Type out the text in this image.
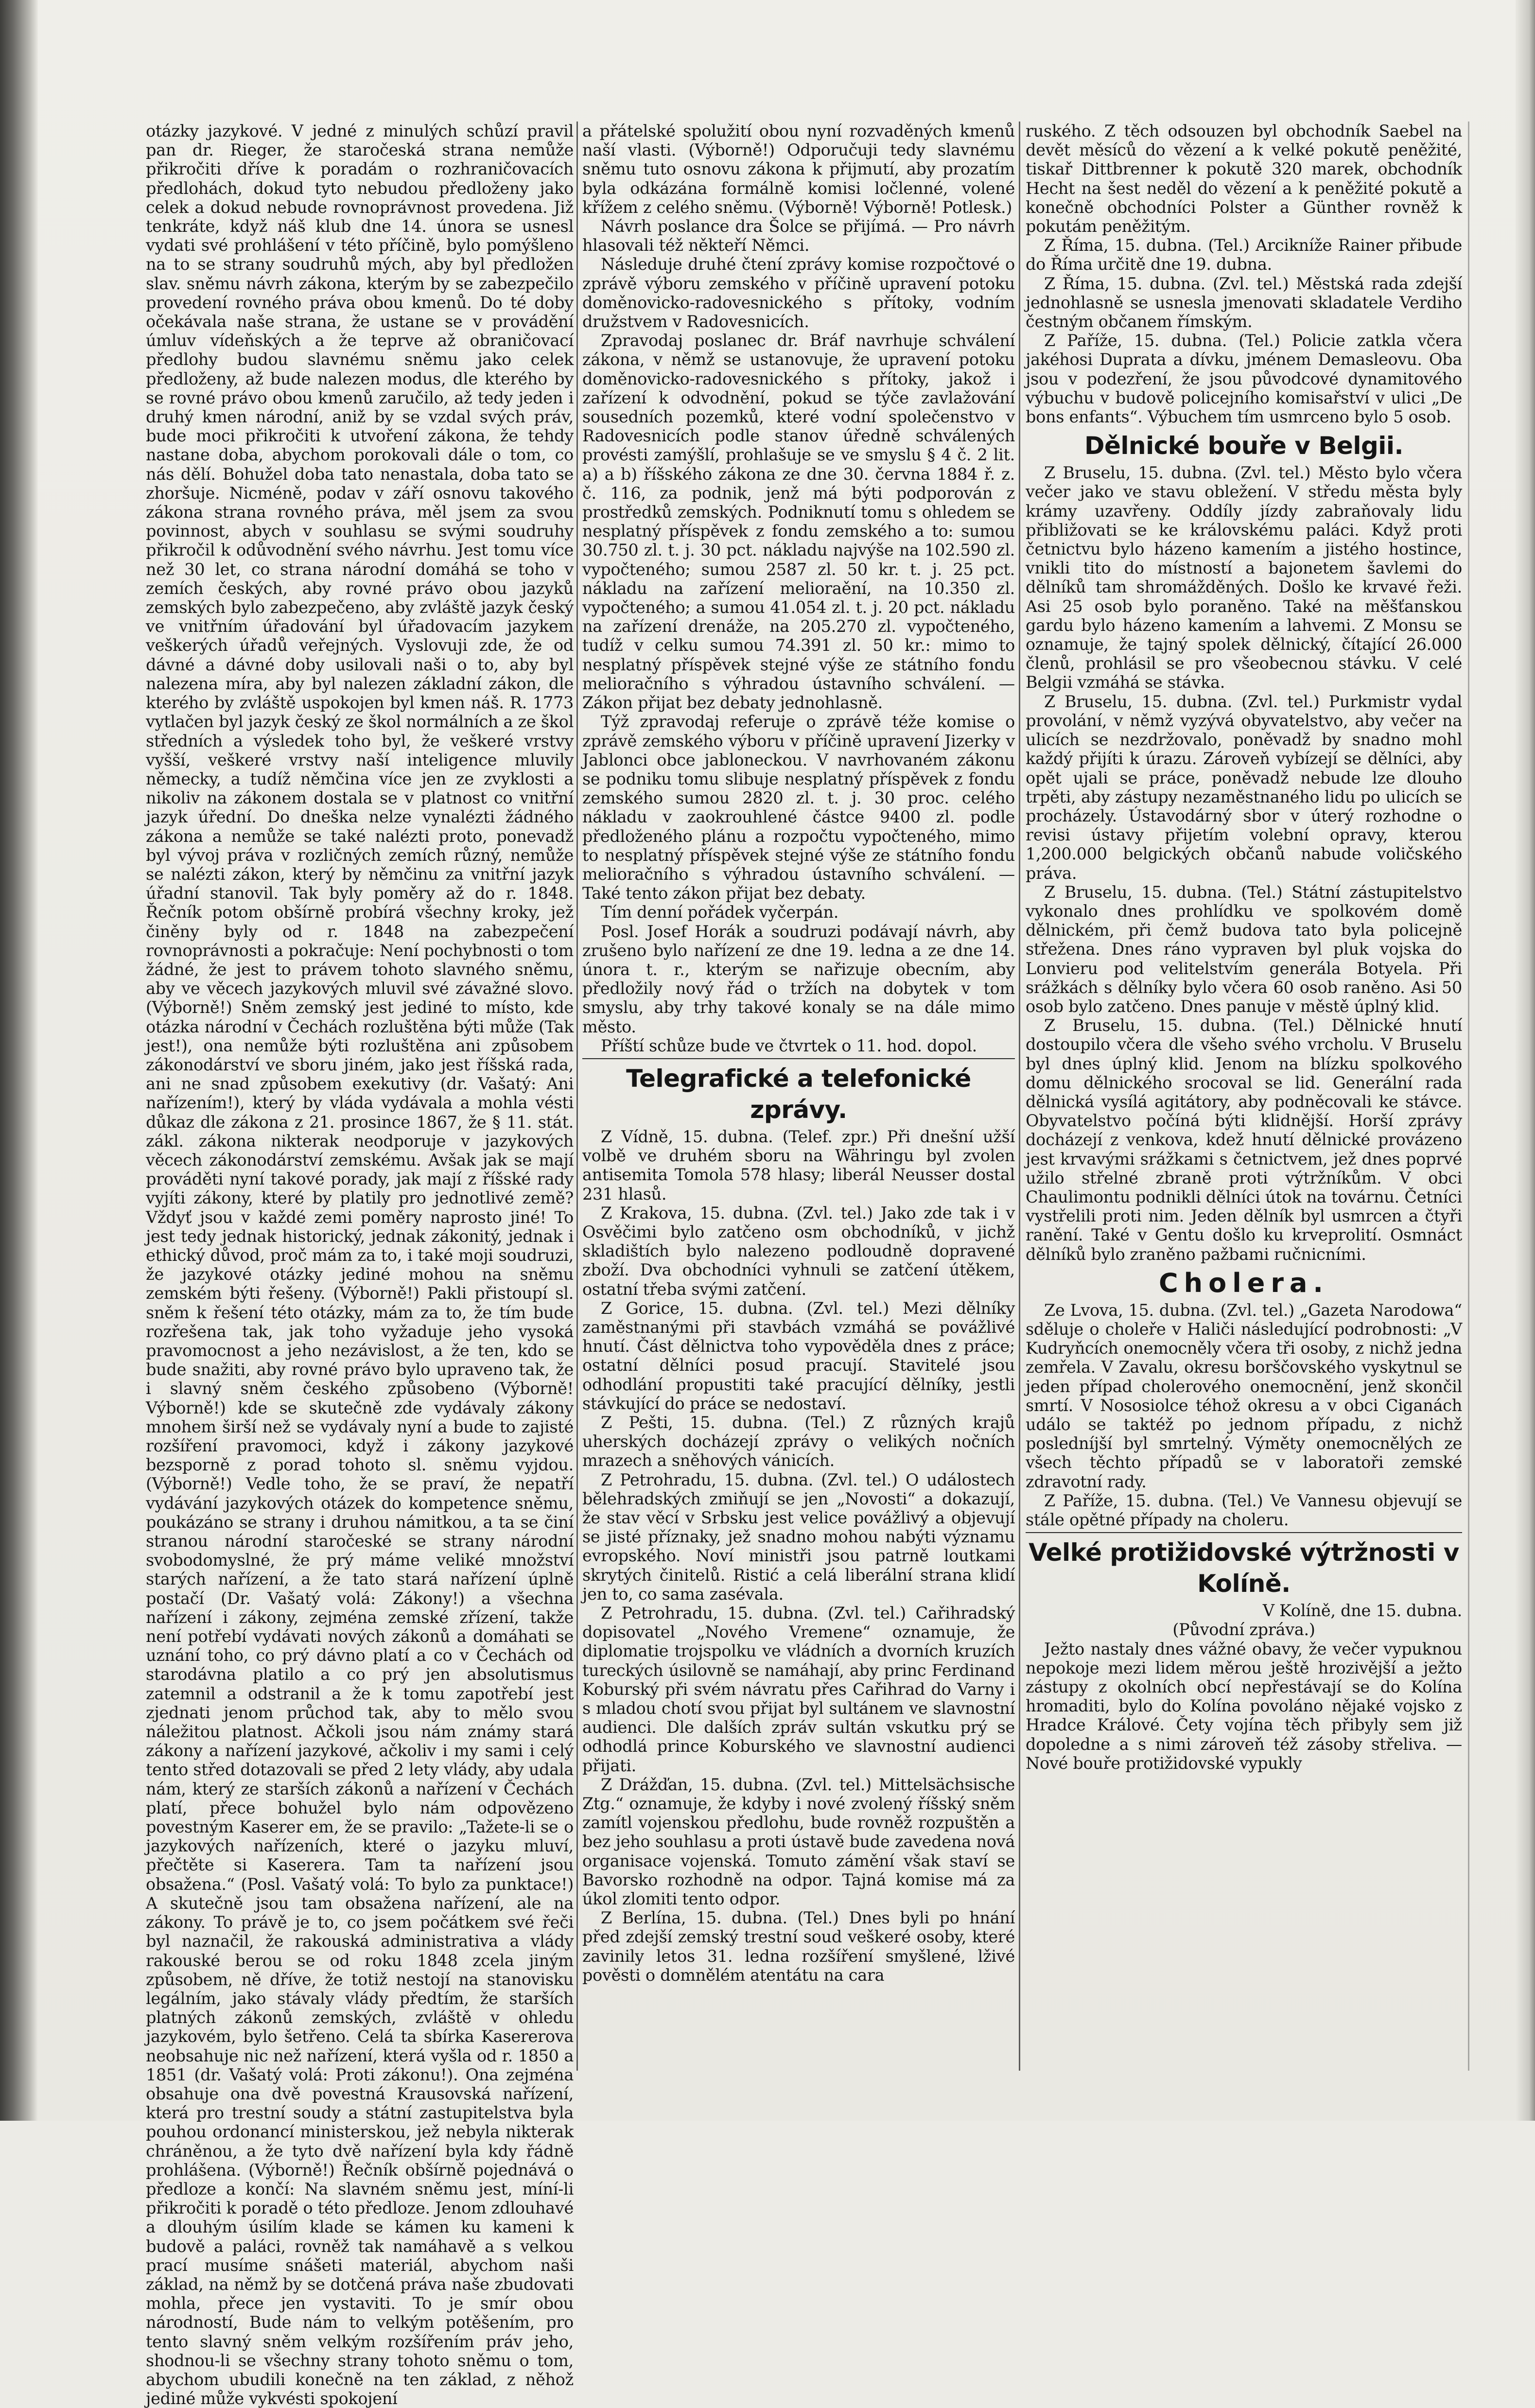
otázky jazykové. V jedné z minulých schůzí pravil pan dr. Rieger, že staročeská strana nemůže přikročiti dříve k poradám o rozhraničovacích předlohách, dokud tyto nebudou předloženy jako celek a dokud nebude rovnoprávnost provedena. Již tenkráte, když náš klub dne 14. února se usnesl vydati své prohlášení v této příčině, bylo pomýšleno na to se strany soudruhů mých, aby byl předložen slav. sněmu návrh zákona, kterým by se zabezpečilo provedení rovného práva obou kmenů. Do té doby očekávala naše strana, že ustane se v provádění úmluv vídeňských a že teprve až obraničovací předlohy budou slavnému sněmu jako celek předloženy, až bude nalezen modus, dle kterého by se rovné právo obou kmenů zaručilo, až tedy jeden i druhý kmen národní, aniž by se vzdal svých práv, bude moci přikročiti k utvoření zákona, že tehdy nastane doba, abychom porokovali dále o tom, co nás dělí. Bohužel doba tato nenastala, doba tato se zhoršuje. Nicméně, podav v září osnovu takového zákona strana rovného práva, měl jsem za svou povinnost, abych v souhlasu se svými soudruhy přikročil k odůvodnění svého návrhu. Jest tomu více než 30 let, co strana národní domáhá se toho v zemích českých, aby rovné právo obou jazyků zemských bylo zabezpečeno, aby zvláště jazyk český ve vnitřním úřadování byl úřadovacím jazykem veškerých úřadů veřejných. Vyslovuji zde, že od dávné a dávné doby usilovali naši o to, aby byl nalezena míra, aby byl nalezen základní zákon, dle kterého by zvláště uspokojen byl kmen náš. R. 1773 vytlačen byl jazyk český ze škol normálních a ze škol středních a výsledek toho byl, že veškeré vrstvy vyšší, veškeré vrstvy naší inteligence mluvily německy, a tudíž němčina více jen ze zvyklosti a nikoliv na zákonem dostala se v platnost co vnitřní jazyk úřední. Do dneška nelze vynalézti žádného zákona a nemůže se také nalézti proto, ponevadž byl vývoj práva v rozličných zemích různý, nemůže se nalézti zákon, který by němčinu za vnitřní jazyk úřadní stanovil. Tak byly poměry až do r. 1848. Řečník potom obšírně probírá všechny kroky, jež činěny byly od r. 1848 na zabezpečení rovnoprávnosti a pokračuje: Není pochybnosti o tom žádné, že jest to právem tohoto slavného sněmu, aby ve věcech jazykových mluvil své závažné slovo. (Výborně!) Sněm zemský jest jediné to místo, kde otázka národní v Čechách rozluštěna býti může (Tak jest!), ona nemůže býti rozluštěna ani způsobem zákonodárství ve sboru jiném, jako jest říšská rada, ani ne snad způsobem exekutivy (dr. Vašatý: Ani nařízením!), který by vláda vydávala a mohla vésti důkaz dle zákona z 21. prosince 1867, že § 11. stát. zákl. zákona nikterak neodporuje v jazykových věcech zákonodárství zemskému. Avšak jak se mají prováděti nyní takové porady, jak mají z říšské rady vyjíti zákony, které by platily pro jednotlivé země? Vždyť jsou v každé zemi poměry naprosto jiné! To jest tedy jednak historický, jednak zákonitý, jednak i ethický důvod, proč mám za to, i také moji soudruzi, že jazykové otázky jediné mohou na sněmu zemském býti řešeny. (Výborně!) Pakli přistoupí sl. sněm k řešení této otázky, mám za to, že tím bude rozřešena tak, jak toho vyžaduje jeho vysoká pravomocnost a jeho nezávislost, a že ten, kdo se bude snažiti, aby rovné právo bylo upraveno tak, že i slavný sněm českého způsobeno (Výborně! Výborně!) kde se skutečně zde vydávaly zákony mnohem širší než se vydávaly nyní a bude to zajisté rozšíření pravomoci, když i zákony jazykové bezsporně z porad tohoto sl. sněmu vyjdou. (Výborně!) Vedle toho, že se praví, že nepatří vydávání jazykových otázek do kompetence sněmu, poukázáno se strany i druhou námitkou, a ta se činí stranou národní staročeské se strany národní svobodomyslné, že prý máme veliké množství starých nařízení, a že tato stará nařízení úplně postačí (Dr. Vašatý volá: Zákony!) a všechna nařízení i zákony, zejména zemské zřízení, takže není potřebí vydávati nových zákonů a domáhati se uznání toho, co prý dávno platí a co v Čechách od starodávna platilo a co prý jen absolutismus zatemnil a odstranil a že k tomu zapotřebí jest zjednati jenom průchod tak, aby to mělo svou náležitou platnost. Ačkoli jsou nám známy stará zákony a nařízení jazykové, ačkoliv i my sami i celý tento střed dotazovali se před 2 lety vlády, aby udala nám, který ze starších zákonů a nařízení v Čechách platí, přece bohužel bylo nám odpovězeno povestným Kaserer em, že se pravilo: „Tažete-li se o jazykových nařízeních, které o jazyku mluví, přečtěte si Kaserera. Tam ta nařízení jsou obsažena.“ (Posl. Vašatý volá: To bylo za punktace!) A skutečně jsou tam obsažena nařízení, ale na zákony. To právě je to, co jsem počátkem své řeči byl naznačil, že rakouská administrativa a vlády rakouské berou se od roku 1848 zcela jiným způsobem, ně dříve, že totiž nestojí na stanovisku legálním, jako stávaly vlády předtím, že starších platných zákonů zemských, zvláště v ohledu jazykovém, bylo šetřeno. Celá ta sbírka Kasererova neobsahuje nic než nařízení, která vyšla od r. 1850 a 1851 (dr. Vašatý volá: Proti zákonu!). Ona zejména obsahuje ona dvě povestná Krausovská nařízení, která pro trestní soudy a státní zastupitelstva byla pouhou ordonancí ministerskou, jež nebyla nikterak chráněnou, a že tyto dvě nařízení byla kdy řádně prohlášena. (Výborně!) Řečník obšírně pojednává o předloze a končí: Na slavném sněmu jest, míní-li přikročiti k poradě o této předloze. Jenom zdlouhavé a dlouhým úsilím klade se kámen ku kameni k budově a paláci, rovněž tak namáhavě a s velkou prací musíme snášeti materiál, abychom naši základ, na němž by se dotčená práva naše zbudovati mohla, přece jen vystaviti. To je smír obou národností, Bude nám to velkým potěšením, pro tento slavný sněm velkým rozšířením práv jeho, shodnou-li se všechny strany tohoto sněmu o tom, abychom ubudili konečně na ten základ, z něhož jediné může vykvésti spokojení

a přátelské spolužití obou nyní rozvaděných kmenů naší vlasti. (Výborně!) Odporučuji tedy slavnému sněmu tuto osnovu zákona k přijmutí, aby prozatím byla odkázána formálně komisi ločlenné, volené křížem z celého sněmu. (Výborně! Výborně! Potlesk.)

Návrh poslance dra Šolce se přijímá. — Pro návrh hlasovali též někteří Němci.

Následuje druhé čtení zprávy komise rozpočtové o zprávě výboru zemského v příčině upravení potoku doměnovicko-radovesnického s přítoky, vodním družstvem v Radovesnicích.

Zpravodaj poslanec dr. Bráf navrhuje schválení zákona, v němž se ustanovuje, že upravení potoku doměnovicko-radovesnického s přítoky, jakož i zařízení k odvodnění, pokud se týče zavlažování sousedních pozemků, které vodní společenstvo v Radovesnicích podle stanov úředně schválených provésti zamýšlí, prohlašuje se ve smyslu § 4 č. 2 lit. a) a b) říšského zákona ze dne 30. června 1884 ř. z. č. 116, za podnik, jenž má býti podporován z prostředků zemských. Podniknutí tomu s ohledem se nesplatný příspěvek z fondu zemského a to: sumou 30.750 zl. t. j. 30 pct. nákladu najvýše na 102.590 zl. vypočteného; sumou 2587 zl. 50 kr. t. j. 25 pct. nákladu na zařízení melioraění, na 10.350 zl. vypočteného; a sumou 41.054 zl. t. j. 20 pct. nákladu na zařízení drenáže, na 205.270 zl. vypočteného, tudíž v celku sumou 74.391 zl. 50 kr.: mimo to nesplatný příspěvek stejné výše ze státního fondu melioračního s výhradou ústavního schválení. — Zákon přijat bez debaty jednohlasně.

Týž zpravodaj referuje o zprávě téže komise o zprávě zemského výboru v příčině upravení Jizerky v Jablonci obce jabloneckou. V navrhovaném zákonu se podniku tomu slibuje nesplatný příspěvek z fondu zemského sumou 2820 zl. t. j. 30 proc. celého nákladu v zaokrouhlené částce 9400 zl. podle předloženého plánu a rozpočtu vypočteného, mimo to nesplatný příspěvek stejné výše ze státního fondu melioračního s výhradou ústavního schválení. — Také tento zákon přijat bez debaty.

Tím denní pořádek vyčerpán.

Posl. Josef Horák a soudruzi podávají návrh, aby zrušeno bylo nařízení ze dne 19. ledna a ze dne 14. února t. r., kterým se nařizuje obecním, aby předložily nový řád o tržích na dobytek v tom smyslu, aby trhy takové konaly se na dále mimo město.

Příští schůze bude ve čtvrtek o 11. hod. dopol.

Telegrafické a telefonické zprávy.

Z Vídně, 15. dubna. (Telef. zpr.) Při dnešní užší volbě ve druhém sboru na Währingu byl zvolen antisemita Tomola 578 hlasy; liberál Neusser dostal 231 hlasů.

Z Krakova, 15. dubna. (Zvl. tel.) Jako zde tak i v Osvěčimi bylo zatčeno osm obchodníků, v jichž skladištích bylo nalezeno podloudně dopravené zboží. Dva obchodníci vyhnuli se zatčení útěkem, ostatní třeba svými zatčení.

Z Gorice, 15. dubna. (Zvl. tel.) Mezi dělníky zaměstnanými při stavbách vzmáhá se povážlivé hnutí. Část dělnictva toho vypověděla dnes z práce; ostatní dělníci posud pracují. Stavitelé jsou odhodlání propustiti také pracující dělníky, jestli stávkující do práce se nedostaví.

Z Pešti, 15. dubna. (Tel.) Z různých krajů uherských docházejí zprávy o velikých nočních mrazech a sněhových vánicích.

Z Petrohradu, 15. dubna. (Zvl. tel.) O událostech bělehradských zmiňují se jen „Novosti“ a dokazují, že stav věcí v Srbsku jest velice povážlivý a objevují se jisté příznaky, jež snadno mohou nabýti významu evropského. Noví ministři jsou patrně loutkami skrytých činitelů. Ristić a celá liberální strana klidí jen to, co sama zasévala.

Z Petrohradu, 15. dubna. (Zvl. tel.) Cařihradský dopisovatel „Nového Vremene“ oznamuje, že diplomatie trojspolku ve vládních a dvorních kruzích tureckých úsilovně se namáhají, aby princ Ferdinand Koburský při svém návratu přes Cařihrad do Varny i s mladou chotí svou přijat byl sultánem ve slavnostní audienci. Dle dalších zpráv sultán vskutku prý se odhodlá prince Koburského ve slavnostní audienci přijati.

Z Drážďan, 15. dubna. (Zvl. tel.) Mittelsächsische Ztg.“ oznamuje, že kdyby i nové zvolený říšský sněm zamítl vojenskou předlohu, bude rovněž rozpuštěn a bez jeho souhlasu a proti ústavě bude zavedena nová organisace vojenská. Tomuto zámění však staví se Bavorsko rozhodně na odpor. Tajná komise má za úkol zlomiti tento odpor.

Z Berlína, 15. dubna. (Tel.) Dnes byli po hnání před zdejší zemský trestní soud veškeré osoby, které zavinily letos 31. ledna rozšíření smyšlené, lživé pověsti o domnělém atentátu na cara

ruského. Z těch odsouzen byl obchodník Saebel na devět měsíců do vězení a k velké pokutě peněžité, tiskař Dittbrenner k pokutě 320 marek, obchodník Hecht na šest neděl do vězení a k peněžité pokutě a konečně obchodníci Polster a Günther rovněž k pokutám peněžitým.

Z Říma, 15. dubna. (Tel.) Arcikníže Rainer přibude do Říma určitě dne 19. dubna.

Z Říma, 15. dubna. (Zvl. tel.) Městská rada zdejší jednohlasně se usnesla jmenovati skladatele Verdiho čestným občanem římským.

Z Paříže, 15. dubna. (Tel.) Policie zatkla včera jakéhosi Duprata a dívku, jménem Demasleovu. Oba jsou v podezření, že jsou původcové dynamitového výbuchu v budově policejního komisařství v ulici „De bons enfants“. Výbuchem tím usmrceno bylo 5 osob.

Dělnické bouře v Belgii.

Z Bruselu, 15. dubna. (Zvl. tel.) Město bylo včera večer jako ve stavu obležení. V středu města byly krámy uzavřeny. Oddíly jízdy zabraňovaly lidu přibližovati se ke královskému paláci. Když proti četnictvu bylo házeno kamením a jistého hostince, vnikli tito do místností a bajonetem šavlemi do dělníků tam shromážděných. Došlo ke krvavé řeži. Asi 25 osob bylo poraněno. Také na měšťanskou gardu bylo házeno kamením a lahvemi. Z Monsu se oznamuje, že tajný spolek dělnický, čítající 26.000 členů, prohlásil se pro všeobecnou stávku. V celé Belgii vzmáhá se stávka.

Z Bruselu, 15. dubna. (Zvl. tel.) Purkmistr vydal provolání, v němž vyzývá obyvatelstvo, aby večer na ulicích se nezdržovalo, poněvadž by snadno mohl každý přijíti k úrazu. Zároveň vybízejí se dělníci, aby opět ujali se práce, poněvadž nebude lze dlouho trpěti, aby zástupy nezaměstnaného lidu po ulicích se procházely. Ústavodárný sbor v úterý rozhodne o revisi ústavy přijetím volební opravy, kterou 1,200.000 belgických občanů nabude voličského práva.

Z Bruselu, 15. dubna. (Tel.) Státní zástupitelstvo vykonalo dnes prohlídku ve spolkovém domě dělnickém, při čemž budova tato byla policejně střežena. Dnes ráno vypraven byl pluk vojska do Lonvieru pod velitelstvím generála Botyela. Při srážkách s dělníky bylo včera 60 osob raněno. Asi 50 osob bylo zatčeno. Dnes panuje v městě úplný klid.

Z Bruselu, 15. dubna. (Tel.) Dělnické hnutí dostoupilo včera dle všeho svého vrcholu. V Bruselu byl dnes úplný klid. Jenom na blízku spolkového domu dělnického srocoval se lid. Generální rada dělnická vysílá agitátory, aby podněcovali ke stávce. Obyvatelstvo počíná býti klidnější. Horší zprávy docházejí z venkova, kdež hnutí dělnické provázeno jest krvavými srážkami s četnictvem, jež dnes poprvé užilo střelné zbraně proti výtržníkům. V obci Chaulimontu podnikli dělníci útok na továrnu. Četníci vystřelili proti nim. Jeden dělník byl usmrcen a čtyři ranění. Také v Gentu došlo ku krveprolití. Osmnáct dělníků bylo zraněno pažbami ručnicními.

Cholera.

Ze Lvova, 15. dubna. (Zvl. tel.) „Gazeta Narodowa“ sděluje o choleře v Haliči následující podrobnosti: „V Kudryňcích onemocněly včera tři osoby, z nichž jedna zemřela. V Zavalu, okresu borščovského vyskytnul se jeden případ cholerového onemocnění, jenž skončil smrtí. V Nososiolce téhož okresu a v obci Ciganách událo se taktéž po jednom případu, z nichž posledníjší byl smrtelný. Výměty onemocnělých ze všech těchto případů se v laboratoři zemské zdravotní rady.

Z Paříže, 15. dubna. (Tel.) Ve Vannesu objevují se stále opětné případy na choleru.

Velké protižidovské výtržnosti v Kolíně.

V Kolíně, dne 15. dubna.

(Původní zpráva.)

Ježto nastaly dnes vážné obavy, že večer vypuknou nepokoje mezi lidem měrou ještě hrozivější a ježto zástupy z okolních obcí nepřestávají se do Kolína hromaditi, bylo do Kolína povoláno nějaké vojsko z Hradce Králové. Čety vojína těch přibyly sem již dopoledne a s nimi zároveň též zásoby střeliva. — Nové bouře protižidovské vypukly
